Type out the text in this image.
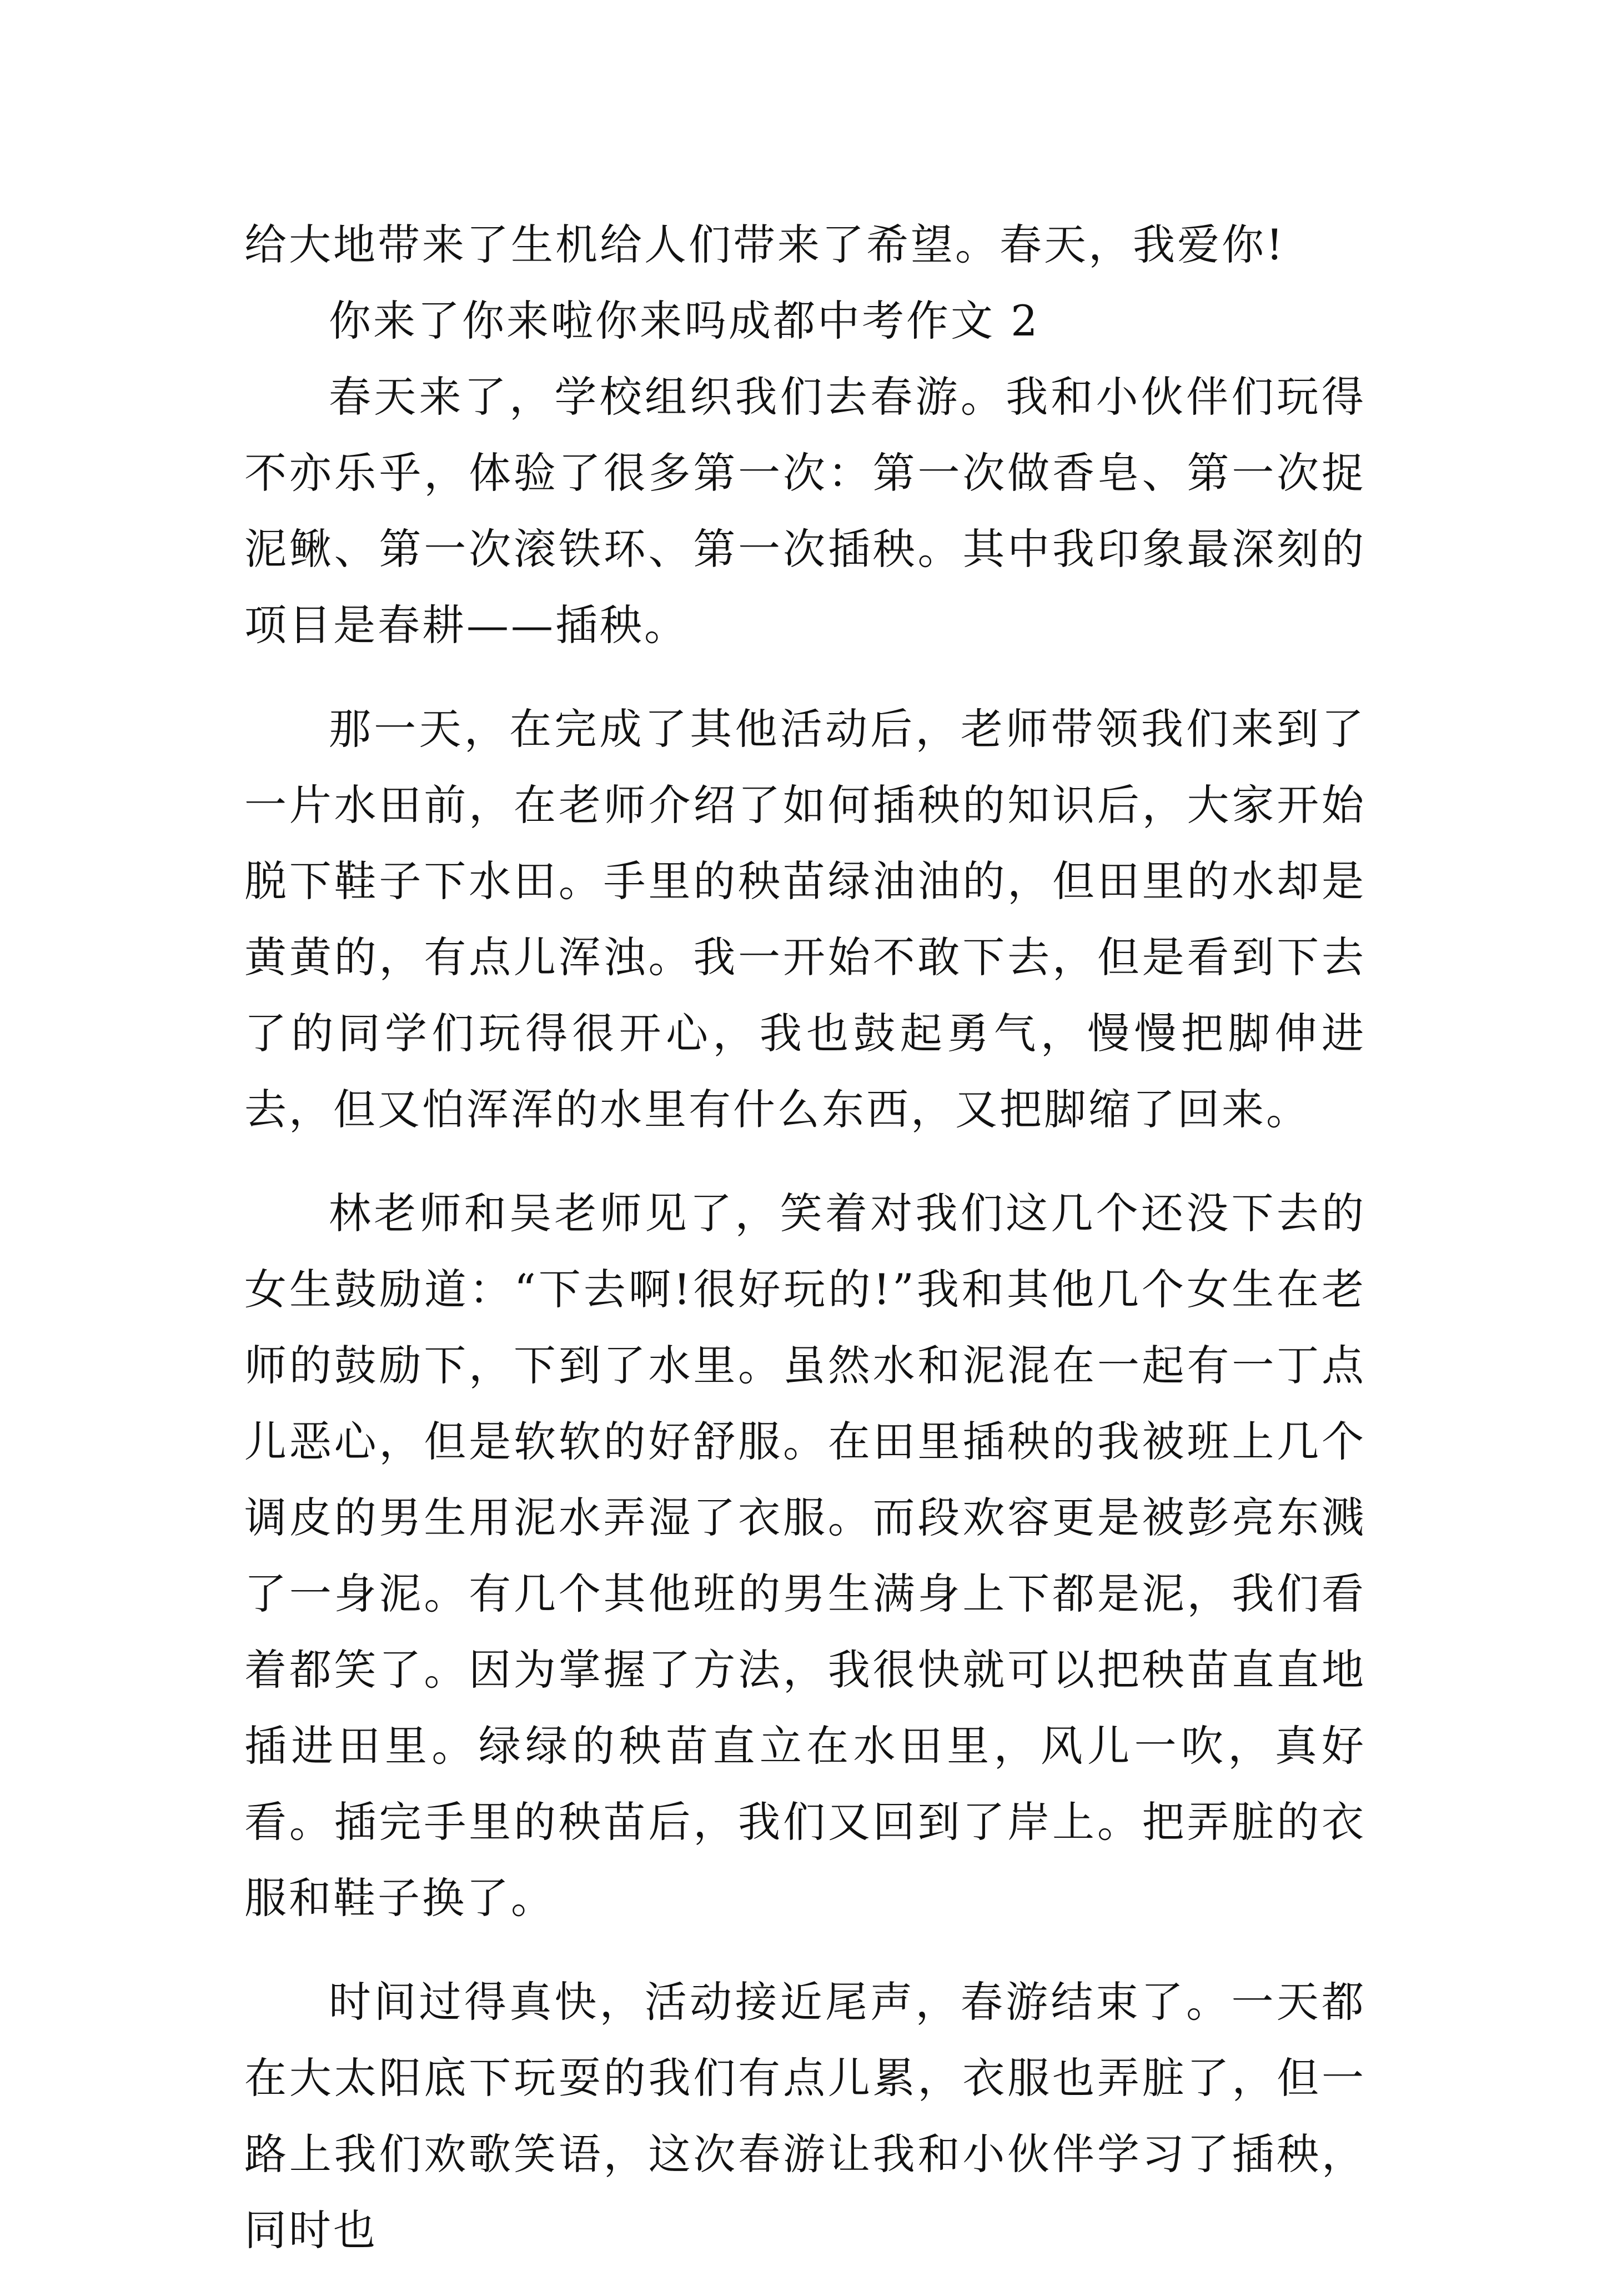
给大地带来了生机给人们带来了希望。春天，我爱你!

你来了你来啦你来吗成都中考作文 2

春天来了，学校组织我们去春游。我和小伙伴们玩得不亦乐乎，体验了很多第一次：第一次做香皂、第一次捉泥鳅、第一次滚铁环、第一次插秧。其中我印象最深刻的项目是春耕——插秧。

那一天，在完成了其他活动后，老师带领我们来到了一片水田前，在老师介绍了如何插秧的知识后，大家开始脱下鞋子下水田。手里的秧苗绿油油的，但田里的水却是黄黄的，有点儿浑浊。我一开始不敢下去，但是看到下去了的同学们玩得很开心，我也鼓起勇气，慢慢把脚伸进去，但又怕浑浑的水里有什么东西，又把脚缩了回来。

林老师和吴老师见了，笑着对我们这几个还没下去的女生鼓励道：“下去啊!很好玩的!”我和其他几个女生在老师的鼓励下，下到了水里。虽然水和泥混在一起有一丁点儿恶心，但是软软的好舒服。在田里插秧的我被班上几个调皮的男生用泥水弄湿了衣服。而段欢容更是被彭亮东溅了一身泥。有几个其他班的男生满身上下都是泥，我们看着都笑了。因为掌握了方法，我很快就可以把秧苗直直地插进田里。绿绿的秧苗直立在水田里，风儿一吹，真好看。插完手里的秧苗后，我们又回到了岸上。把弄脏的衣服和鞋子换了。

时间过得真快，活动接近尾声，春游结束了。一天都在大太阳底下玩耍的我们有点儿累，衣服也弄脏了，但一路上我们欢歌笑语，这次春游让我和小伙伴学习了插秧，同时也
